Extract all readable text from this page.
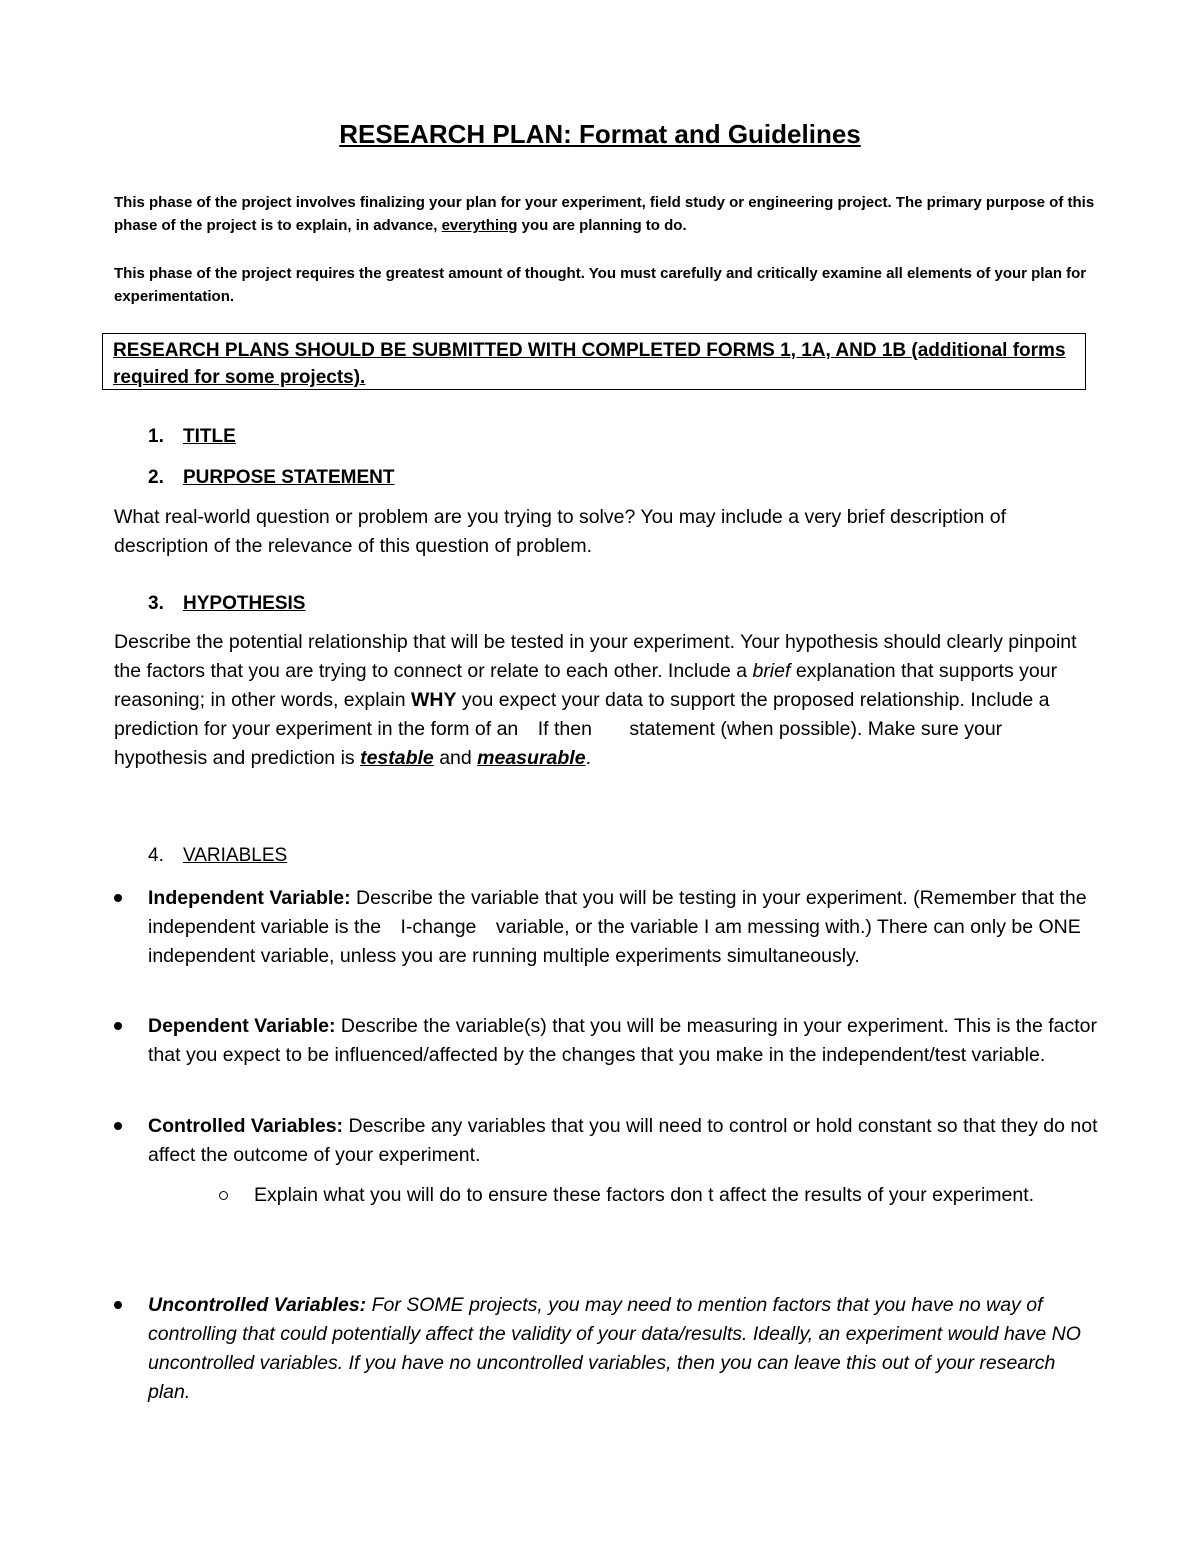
RESEARCH PLAN: Format and Guidelines

This phase of the project involves finalizing your plan for your experiment, field study or engineering project. The primary purpose of this phase of the project is to explain, in advance, everything you are planning to do.

This phase of the project requires the greatest amount of thought. You must carefully and critically examine all elements of your plan for experimentation.

RESEARCH PLANS SHOULD BE SUBMITTED WITH COMPLETED FORMS 1, 1A, AND 1B (additional forms required for some projects).
1. TITLE
2. PURPOSE STATEMENT

What real-world question or problem are you trying to solve? You may include a very brief description of description of the relevance of this question of problem.

3. HYPOTHESIS

Describe the potential relationship that will be tested in your experiment. Your hypothesis should clearly pinpoint the factors that you are trying to connect or relate to each other. Include a brief explanation that supports your reasoning; in other words, explain WHY you expect your data to support the proposed relationship. Include a prediction for your experiment in the form of an If then statement (when possible). Make sure your hypothesis and prediction is testable and measurable.

4. VARIABLES
Independent Variable: Describe the variable that you will be testing in your experiment. (Remember that the independent variable is the I-change variable, or the variable I am messing with.) There can only be ONE independent variable, unless you are running multiple experiments simultaneously.
Dependent Variable: Describe the variable(s) that you will be measuring in your experiment. This is the factor that you expect to be influenced/affected by the changes that you make in the independent/test variable.
Controlled Variables: Describe any variables that you will need to control or hold constant so that they do not affect the outcome of your experiment.
Explain what you will do to ensure these factors don t affect the results of your experiment.
Uncontrolled Variables: For SOME projects, you may need to mention factors that you have no way of controlling that could potentially affect the validity of your data/results. Ideally, an experiment would have NO uncontrolled variables. If you have no uncontrolled variables, then you can leave this out of your research plan.
